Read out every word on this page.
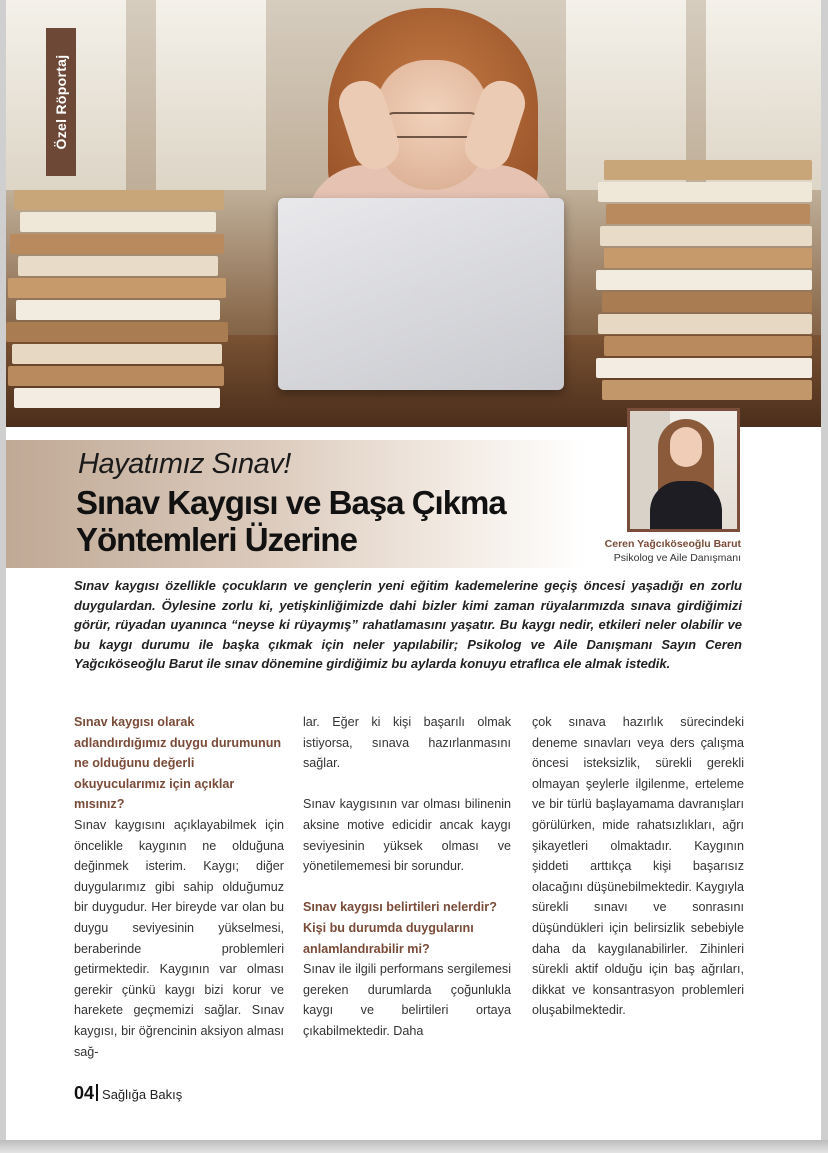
Özel Röportaj
Hayatımız Sınav!
Sınav Kaygısı ve Başa Çıkma Yöntemleri Üzerine	Ceren Yağcıköseoğlu Barut
Psikolog ve Aile Danışmanı
Sınav kaygısı özellikle çocukların ve gençlerin yeni eğitim kademelerine geçiş öncesi yaşadığı en zorlu duygulardan. Öylesine zorlu ki, yetişkinliğimizde dahi bizler kimi zaman rüyalarımızda sınava girdiğimizi görür, rüyadan uyanınca “neyse ki rüyaymış” rahatlamasını yaşatır. Bu kaygı nedir, etkileri neler olabilir ve bu kaygı durumu ile başka çıkmak için neler yapılabilir; Psikolog ve Aile Danışmanı Sayın Ceren Yağcıköseoğlu Barut ile sınav dönemine girdiğimiz bu aylarda konuyu etraflıca ele almak istedik.

Sınav kaygısı olarak adlandırdığımız duygu durumunun ne olduğunu değerli okuyucularımız için açıklar mısınız?

Sınav kaygısını açıklayabilmek için öncelikle kaygının ne olduğuna değinmek isterim. Kaygı; diğer duygularımız gibi sahip olduğumuz bir duygudur. Her bireyde var olan bu duygu seviyesinin yükselmesi, beraberinde problemleri getirmektedir. Kaygının var olması gerekir çünkü kaygı bizi korur ve harekete geçmemizi sağlar. Sınav kaygısı, bir öğrencinin aksiyon alması sağ-

lar. Eğer ki kişi başarılı olmak istiyorsa, sınava hazırlanmasını sağlar.

Sınav kaygısının var olması bilinenin aksine motive edicidir ancak kaygı seviyesinin yüksek olması ve yönetilememesi bir sorundur.

Sınav kaygısı belirtileri nelerdir? Kişi bu durumda duygularını anlamlandırabilir mi?

Sınav ile ilgili performans sergilemesi gereken durumlarda çoğunlukla kaygı ve belirtileri ortaya çıkabilmektedir. Daha

çok sınava hazırlık sürecindeki deneme sınavları veya ders çalışma öncesi isteksizlik, sürekli gerekli olmayan şeylerle ilgilenme, erteleme ve bir türlü başlayamama davranışları görülürken, mide rahatsızlıkları, ağrı şikayetleri olmaktadır. Kaygının şiddeti arttıkça kişi başarısız olacağını düşünebilmektedir. Kaygıyla sürekli sınavı ve sonrasını düşündükleri için belirsizlik sebebiyle daha da kaygılanabilirler. Zihinleri sürekli aktif olduğu için baş ağrıları, dikkat ve konsantrasyon problemleri oluşabilmektedir.

04 Sağlığa Bakış
